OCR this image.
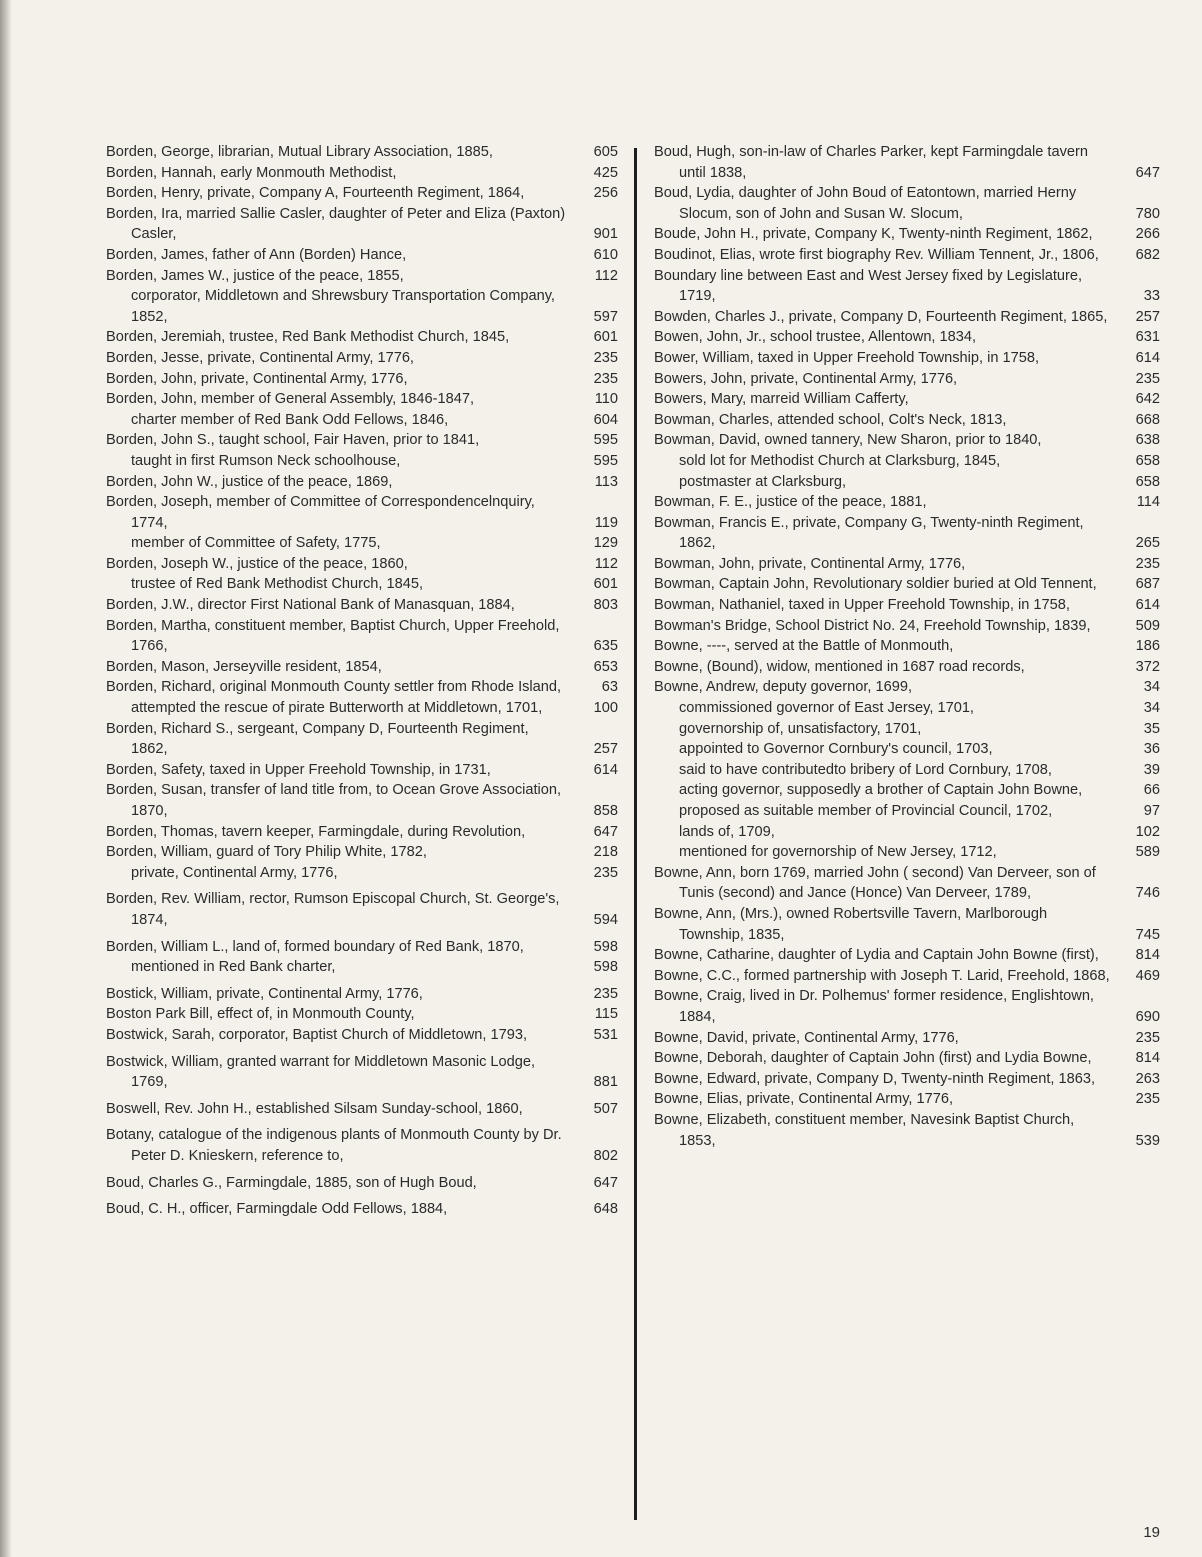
Borden, George, librarian, Mutual Library Association, 1885,	605
Borden, Hannah, early Monmouth Methodist,	425
Borden, Henry, private, Company A, Fourteenth Regiment, 1864,	256
Borden, Ira, married Sallie Casler, daughter of Peter and Eliza (Paxton) Casler,	901
Borden, James, father of Ann (Borden) Hance,	610
Borden, James W., justice of the peace, 1855,	112
corporator, Middletown and Shrewsbury Transportation Company, 1852,	597
Borden, Jeremiah, trustee, Red Bank Methodist Church, 1845,	601
Borden, Jesse, private, Continental Army, 1776,	235
Borden, John, private, Continental Army, 1776,	235
Borden, John, member of General Assembly, 1846-1847,	110
charter member of Red Bank Odd Fellows, 1846,	604
Borden, John S., taught school, Fair Haven, prior to 1841,	595
taught in first Rumson Neck schoolhouse,	595
Borden, John W., justice of the peace, 1869,	113
Borden, Joseph, member of Committee of Correspondencelnquiry, 1774,	119
member of Committee of Safety, 1775,	129
Borden, Joseph W., justice of the peace, 1860,	112
trustee of Red Bank Methodist Church, 1845,	601
Borden, J.W., director First National Bank of Manasquan, 1884,	803
Borden, Martha, constituent member, Baptist Church, Upper Freehold, 1766,	635
Borden, Mason, Jerseyville resident, 1854,	653
Borden, Richard, original Monmouth County settler from Rhode Island,	63
attempted the rescue of pirate Butterworth at Middletown, 1701,	100
Borden, Richard S., sergeant, Company D, Fourteenth Regiment, 1862,	257
Borden, Safety, taxed in Upper Freehold Township, in 1731,	614
Borden, Susan, transfer of land title from, to Ocean Grove Association, 1870,	858
Borden, Thomas, tavern keeper, Farmingdale, during Revolution,	647
Borden, William, guard of Tory Philip White, 1782,	218
private, Continental Army, 1776,	235
Borden, Rev. William, rector, Rumson Episcopal Church, St. George's, 1874,	594
Borden, William L., land of, formed boundary of Red Bank, 1870,	598
mentioned in Red Bank charter,	598
Bostick, William, private, Continental Army, 1776,	235
Boston Park Bill, effect of, in Monmouth County,	115
Bostwick, Sarah, corporator, Baptist Church of Middletown, 1793,	531
Bostwick, William, granted warrant for Middletown Masonic Lodge, 1769,	881
Boswell, Rev. John H., established Silsam Sunday-school, 1860,	507
Botany, catalogue of the indigenous plants of Monmouth County by Dr. Peter D. Knieskern, reference to,	802
Boud, Charles G., Farmingdale, 1885, son of Hugh Boud,	647
Boud, C. H., officer, Farmingdale Odd Fellows, 1884,	648
Boud, Hugh, son-in-law of Charles Parker, kept Farmingdale tavern until 1838,	647
Boud, Lydia, daughter of John Boud of Eatontown, married Herny Slocum, son of John and Susan W. Slocum,	780
Boude, John H., private, Company K, Twenty-ninth Regiment, 1862,	266
Boudinot, Elias, wrote first biography Rev. William Tennent, Jr., 1806,	682
Boundary line between East and West Jersey fixed by Legislature, 1719,	33
Bowden, Charles J., private, Company D, Fourteenth Regiment, 1865,	257
Bowen, John, Jr., school trustee, Allentown, 1834,	631
Bower, William, taxed in Upper Freehold Township, in 1758,	614
Bowers, John, private, Continental Army, 1776,	235
Bowers, Mary, marreid William Cafferty,	642
Bowman, Charles, attended school, Colt's Neck, 1813,	668
Bowman, David, owned tannery, New Sharon, prior to 1840,	638
sold lot for Methodist Church at Clarksburg, 1845,	658
postmaster at Clarksburg,	658
Bowman, F. E., justice of the peace, 1881,	114
Bowman, Francis E., private, Company G, Twenty-ninth Regiment, 1862,	265
Bowman, John, private, Continental Army, 1776,	235
Bowman, Captain John, Revolutionary soldier buried at Old Tennent,	687
Bowman, Nathaniel, taxed in Upper Freehold Township, in 1758,	614
Bowman's Bridge, School District No. 24, Freehold Township, 1839,	509
Bowne, ----, served at the Battle of Monmouth,	186
Bowne, (Bound), widow, mentioned in 1687 road records,	372
Bowne, Andrew, deputy governor, 1699,	34
commissioned governor of East Jersey, 1701,	34
governorship of, unsatisfactory, 1701,	35
appointed to Governor Cornbury's council, 1703,	36
said to have contributedto bribery of Lord Cornbury, 1708,	39
acting governor, supposedly a brother of Captain John Bowne,	66
proposed as suitable member of Provincial Council, 1702,	97
lands of, 1709,	102
mentioned for governorship of New Jersey, 1712,	589
Bowne, Ann, born 1769, married John ( second) Van Derveer, son of Tunis (second) and Jance (Honce) Van Derveer, 1789,	746
Bowne, Ann, (Mrs.), owned Robertsville Tavern, Marlborough Township, 1835,	745
Bowne, Catharine, daughter of Lydia and Captain John Bowne (first),	814
Bowne, C.C., formed partnership with Joseph T. Larid, Freehold, 1868,	469
Bowne, Craig, lived in Dr. Polhemus' former residence, Englishtown, 1884,	690
Bowne, David, private, Continental Army, 1776,	235
Bowne, Deborah, daughter of Captain John (first) and Lydia Bowne,	814
Bowne, Edward, private, Company D, Twenty-ninth Regiment, 1863,	263
Bowne, Elias, private, Continental Army, 1776,	235
Bowne, Elizabeth, constituent member, Navesink Baptist Church, 1853,	539
19
